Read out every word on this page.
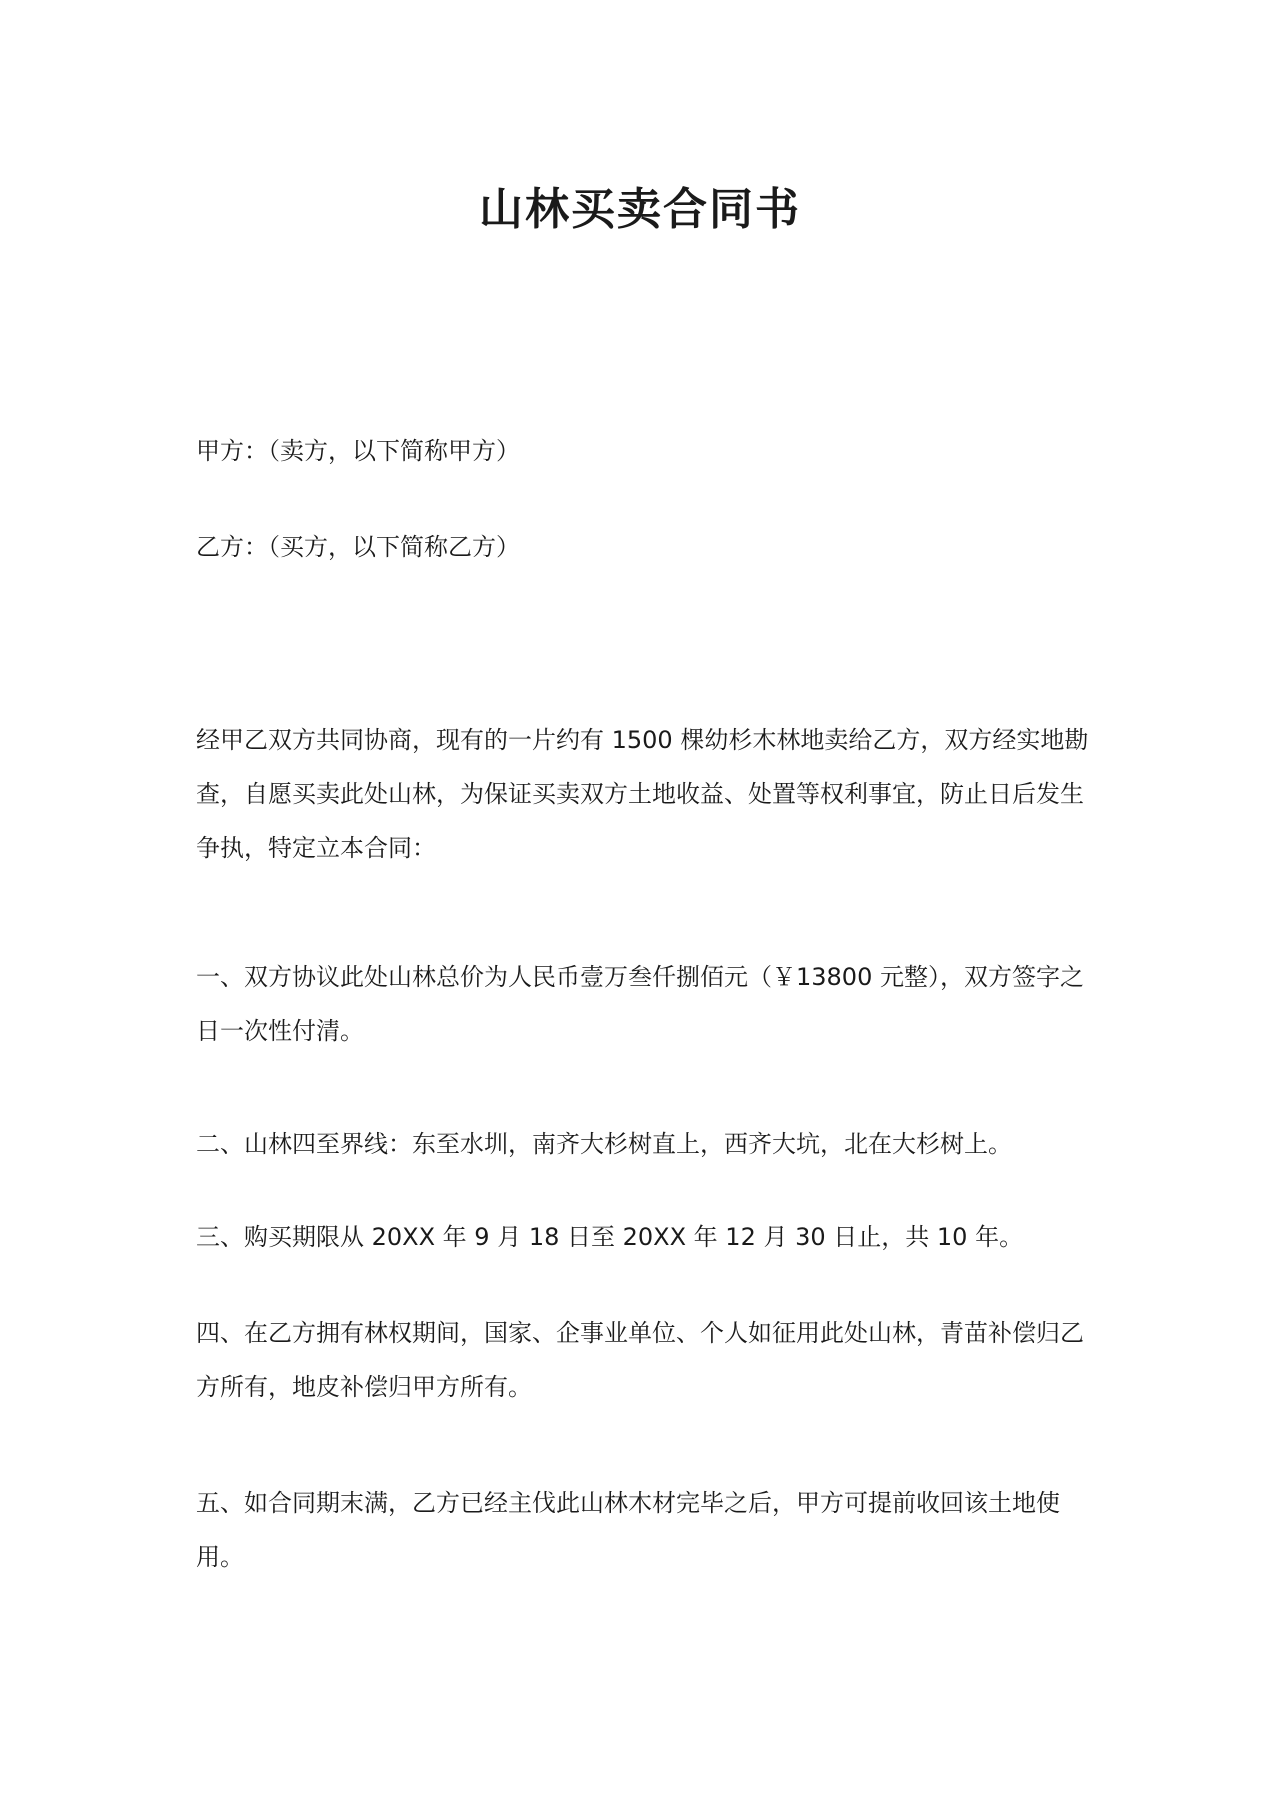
山林买卖合同书

甲方：（卖方，以下简称甲方）

乙方：（买方，以下简称乙方）

经甲乙双方共同协商，现有的一片约有 1500 棵幼杉木林地卖给乙方，双方经实地勘查，自愿买卖此处山林，为保证买卖双方土地收益、处置等权利事宜，防止日后发生争执，特定立本合同：

一、双方协议此处山林总价为人民币壹万叁仟捌佰元（￥13800 元整），双方签字之日一次性付清。

二、山林四至界线：东至水圳，南齐大杉树直上，西齐大坑，北在大杉树上。

三、购买期限从 20XX 年 9 月 18 日至 20XX 年 12 月 30 日止，共 10 年。

四、在乙方拥有林权期间，国家、企事业单位、个人如征用此处山林，青苗补偿归乙方所有，地皮补偿归甲方所有。

五、如合同期末满，乙方已经主伐此山林木材完毕之后，甲方可提前收回该土地使用。
